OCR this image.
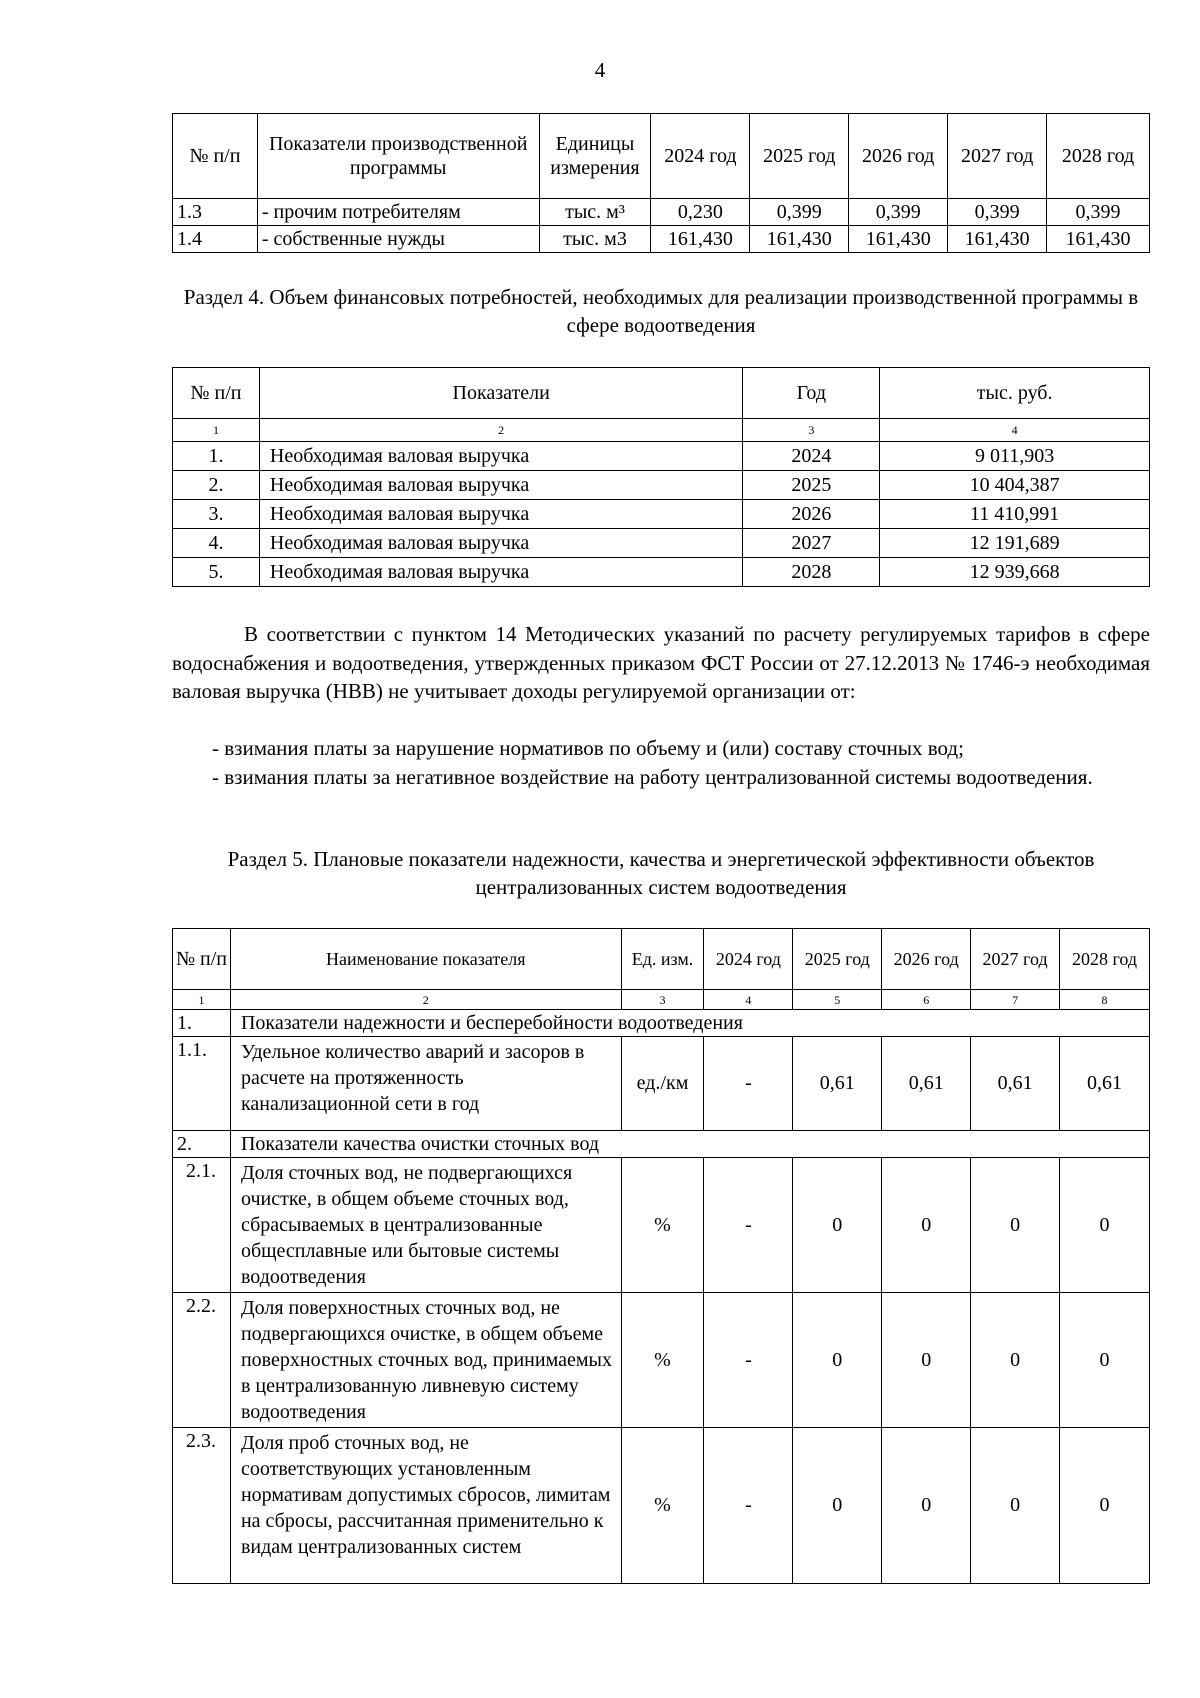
4
№ п/п	Показатели производственной программы	Единицы измерения	2024 год	2025 год	2026 год	2027 год	2028 год
1.3	- прочим потребителям	тыс. м³	0,230	0,399	0,399	0,399	0,399
1.4	- собственные нужды	тыс. м3	161,430	161,430	161,430	161,430	161,430
Раздел 4. Объем финансовых потребностей, необходимых для реализации производственной программы в сфере водоотведения
№ п/п	Показатели	Год	тыс. руб.
1	2	3	4
1.	Необходимая валовая выручка	2024	9 011,903
2.	Необходимая валовая выручка	2025	10 404,387
3.	Необходимая валовая выручка	2026	11 410,991
4.	Необходимая валовая выручка	2027	12 191,689
5.	Необходимая валовая выручка	2028	12 939,668
В соответствии с пунктом 14 Методических указаний по расчету регулируемых тарифов в сфере водоснабжения и водоотведения, утвержденных приказом ФСТ России от 27.12.2013 № 1746-э необходимая валовая выручка (НВВ) не учитывает доходы регулируемой организации от:
- взимания платы за нарушение нормативов по объему и (или) составу сточных вод;
- взимания платы за негативное воздействие на работу централизованной системы водоотведения.
Раздел 5. Плановые показатели надежности, качества и энергетической эффективности объектов централизованных систем водоотведения
№ п/п	Наименование показателя	Ед. изм.	2024 год	2025 год	2026 год	2027 год	2028 год
1	2	3	4	5	6	7	8
1.	Показатели надежности и бесперебойности водоотведения						
1.1.	Удельное количество аварий и засоров в расчете на протяженность канализационной сети в год	ед./км	-	0,61	0,61	0,61	0,61
2.	Показатели качества очистки сточных вод						
2.1.	Доля сточных вод, не подвергающихся очистке, в общем объеме сточных вод, сбрасываемых в централизованные общесплавные или бытовые системы водоотведения	%	-	0	0	0	0
2.2.	Доля поверхностных сточных вод, не подвергающихся очистке, в общем объеме поверхностных сточных вод, принимаемых в централизованную ливневую систему водоотведения	%	-	0	0	0	0
2.3.	Доля проб сточных вод, не соответствующих установленным нормативам допустимых сбросов, лимитам на сбросы, рассчитанная применительно к видам централизованных систем	%	-	0	0	0	0
